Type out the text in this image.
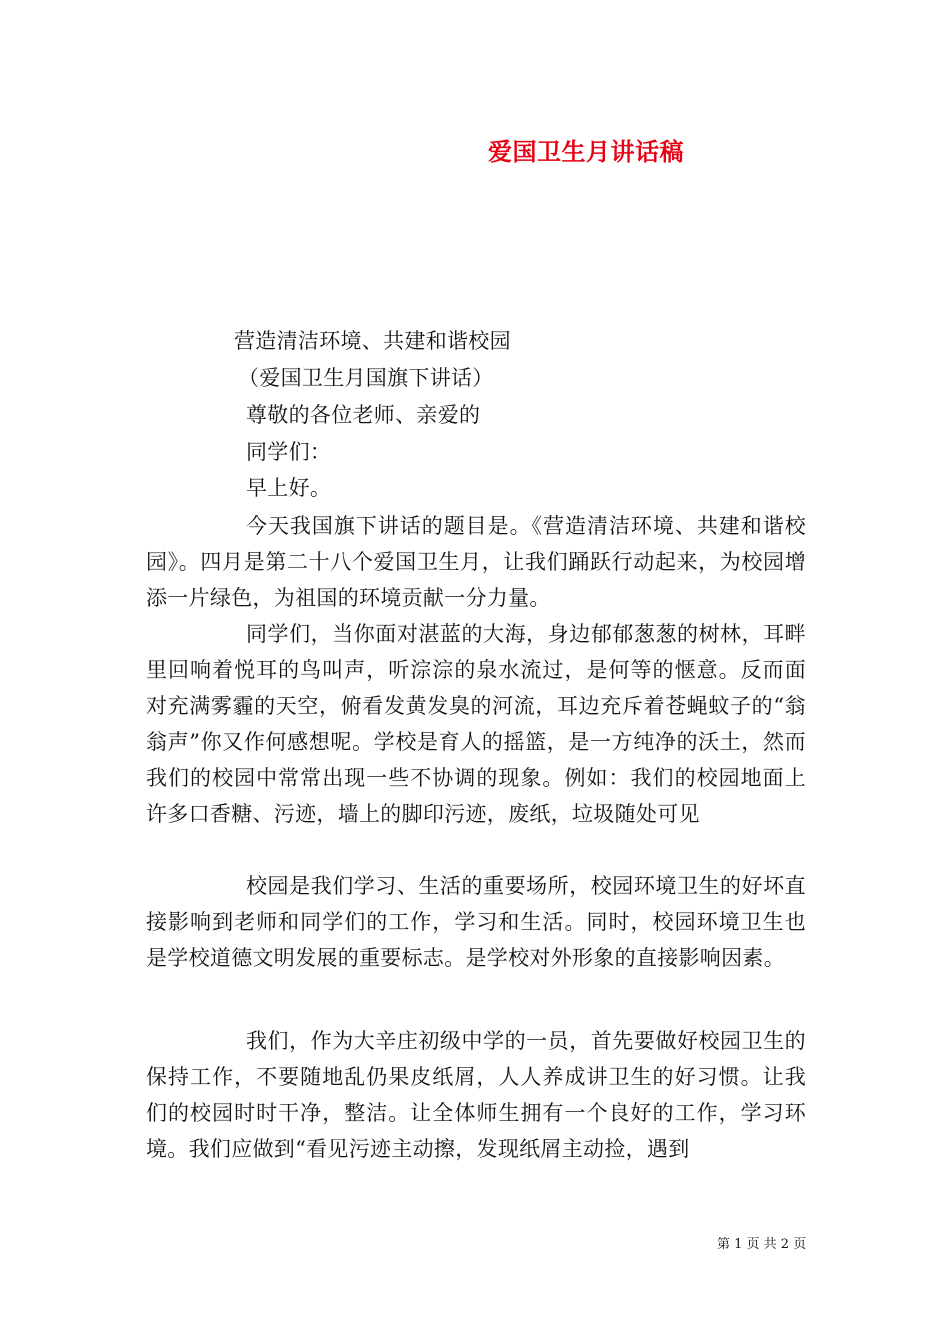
爱国卫生月讲话稿
营造清洁环境、共建和谐校园
（爱国卫生月国旗下讲话）
尊敬的各位老师、亲爱的
同学们：
早上好。
今天我国旗下讲话的题目是。《营造清洁环境、共建和谐校园》。四月是第二十八个爱国卫生月，让我们踊跃行动起来，为校园增添一片绿色，为祖国的环境贡献一分力量。
同学们，当你面对湛蓝的大海，身边郁郁葱葱的树林，耳畔里回响着悦耳的鸟叫声，听淙淙的泉水流过，是何等的惬意。反而面对充满雾霾的天空，俯看发黄发臭的河流，耳边充斥着苍蝇蚊子的“翁翁声”你又作何感想呢。学校是育人的摇篮，是一方纯净的沃土，然而我们的校园中常常出现一些不协调的现象。例如：我们的校园地面上许多口香糖、污迹，墙上的脚印污迹，废纸，垃圾随处可见
校园是我们学习、生活的重要场所，校园环境卫生的好坏直接影响到老师和同学们的工作，学习和生活。同时，校园环境卫生也是学校道德文明发展的重要标志。是学校对外形象的直接影响因素。
我们，作为大辛庄初级中学的一员，首先要做好校园卫生的保持工作，不要随地乱仍果皮纸屑，人人养成讲卫生的好习惯。让我们的校园时时干净，整洁。让全体师生拥有一个良好的工作，学习环境。我们应做到“看见污迹主动擦，发现纸屑主动捡，遇到
第 1 页 共 2 页
